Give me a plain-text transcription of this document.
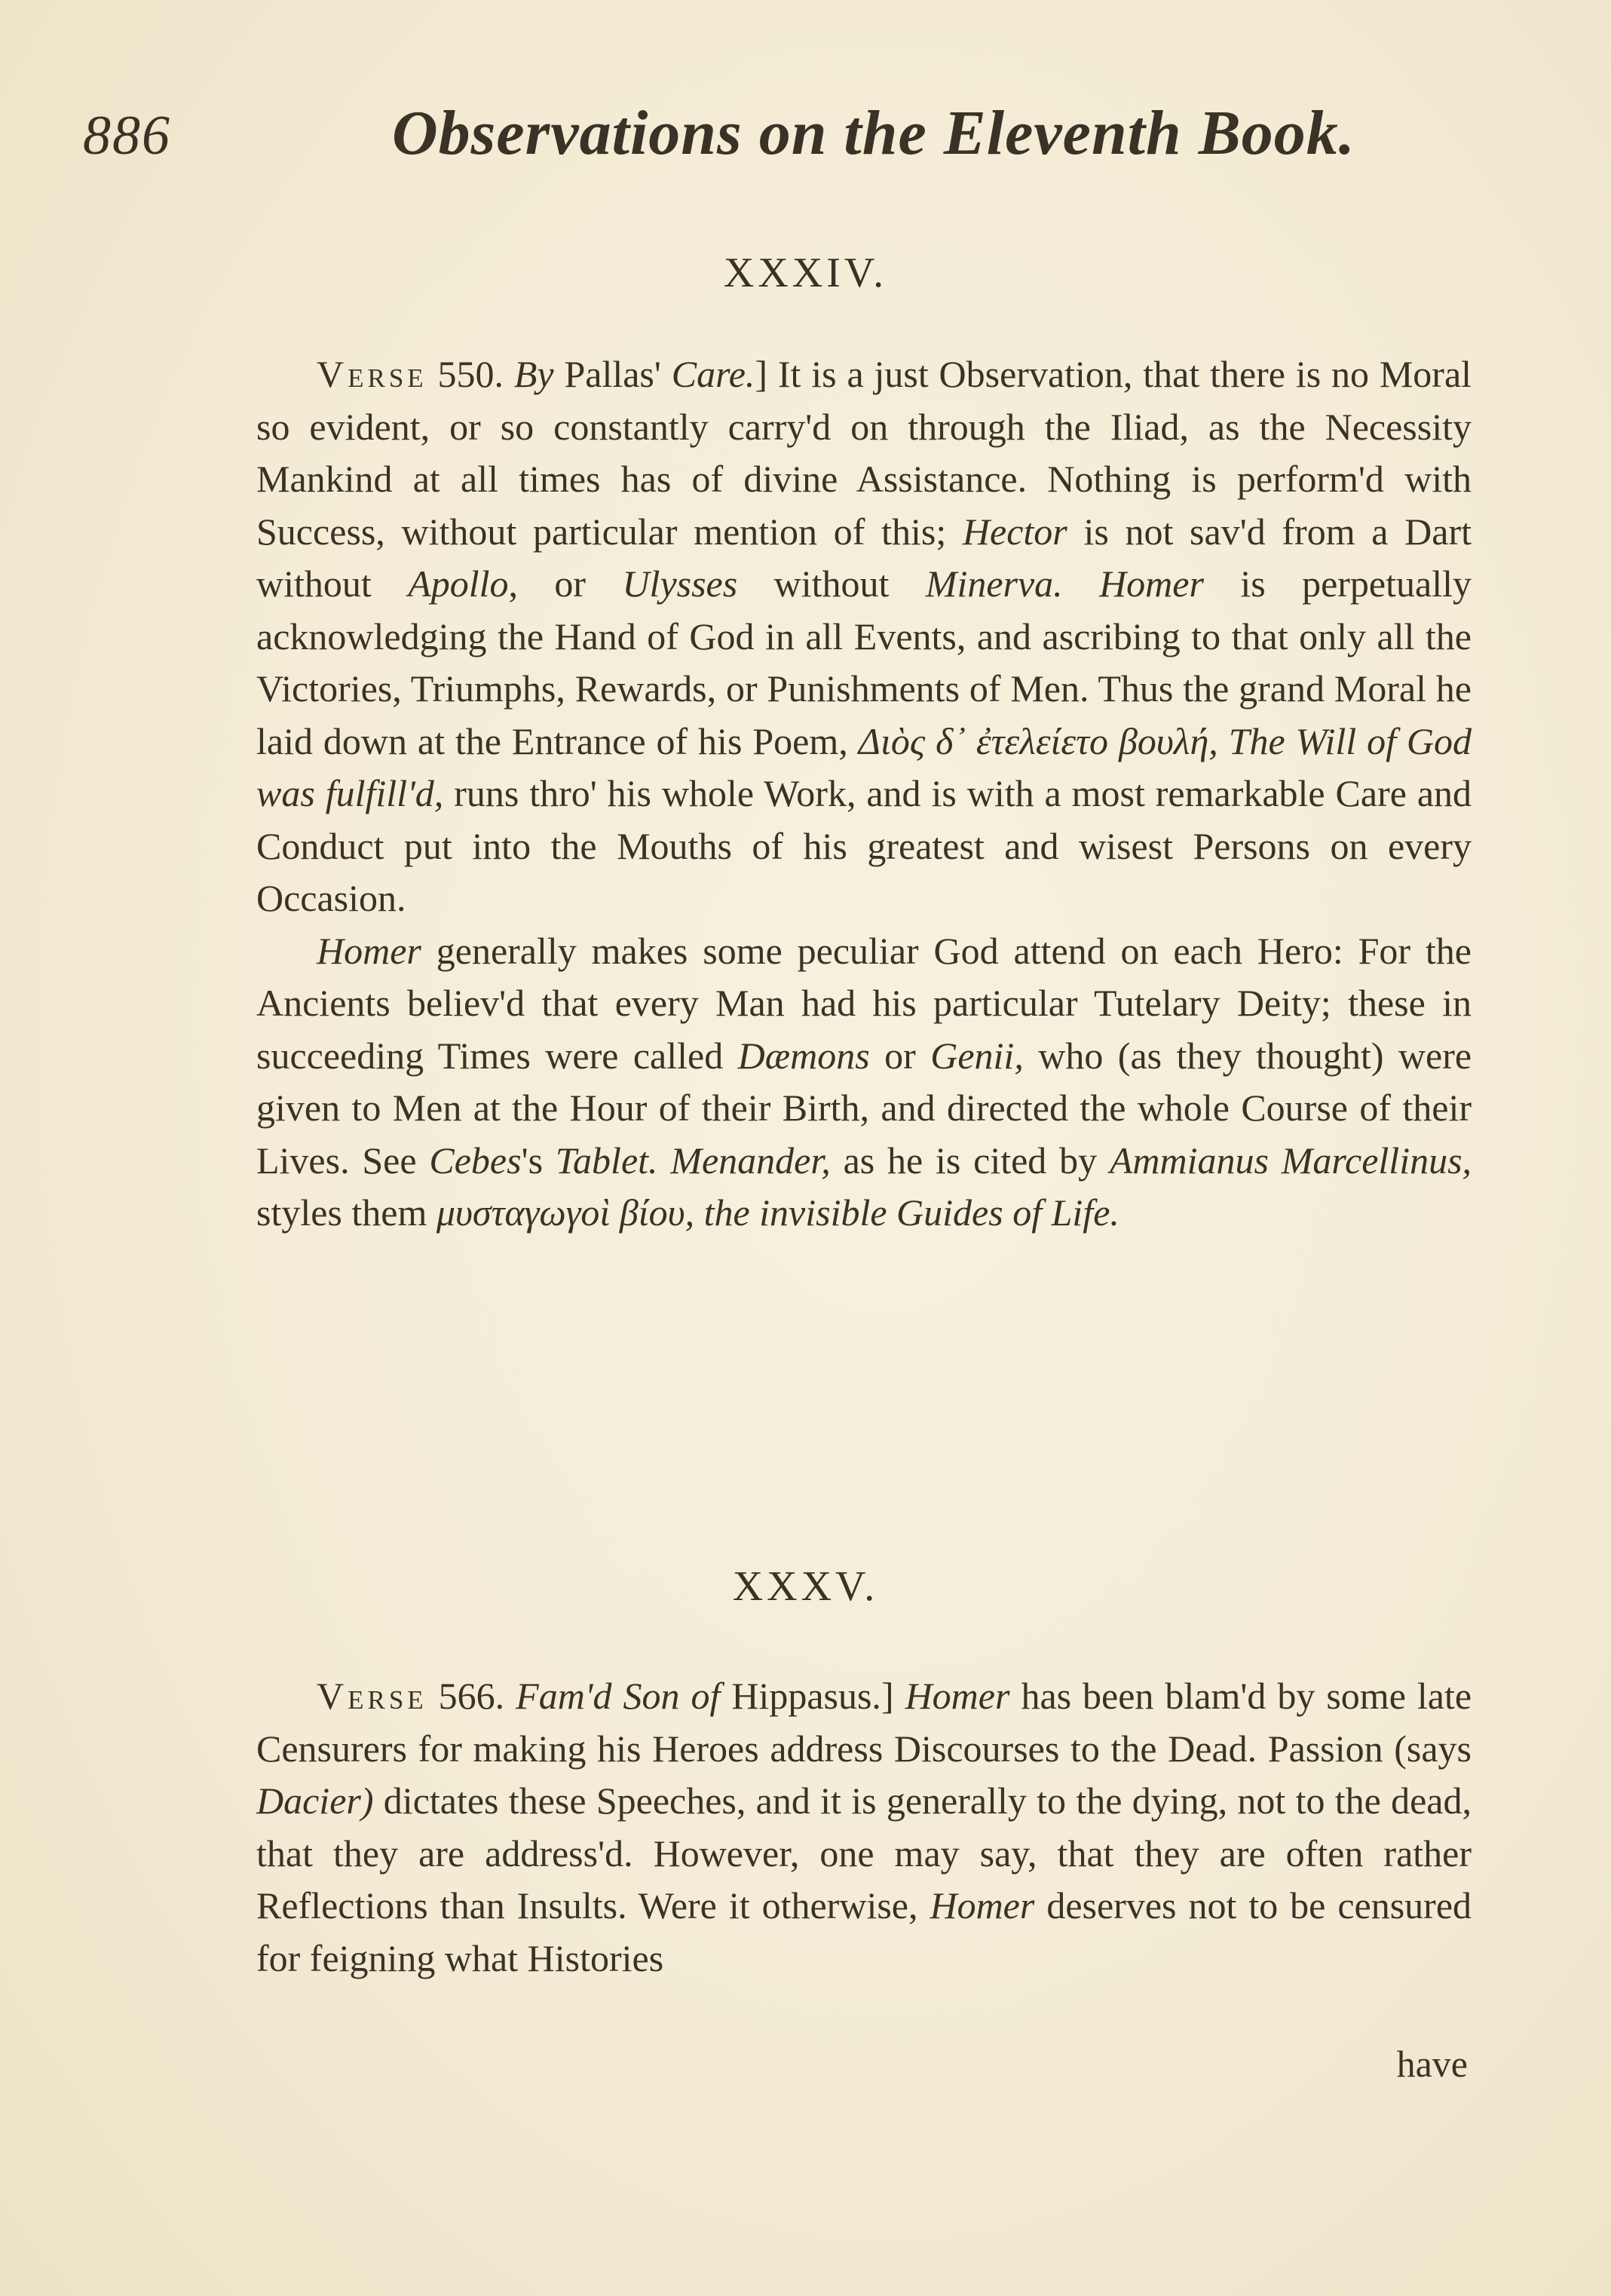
886	Observations on the Eleventh Book.
XXXIV.

Verse 550. By Pallas' Care.] It is a just Observation, that there is no Moral so evident, or so constantly carry'd on through the Iliad, as the Necessity Mankind at all times has of divine Assistance. Nothing is perform'd with Success, without particular mention of this; Hector is not sav'd from a Dart without Apollo, or Ulysses without Minerva. Homer is perpetually acknowledging the Hand of God in all Events, and ascribing to that only all the Victories, Triumphs, Rewards, or Punishments of Men. Thus the grand Moral he laid down at the Entrance of his Poem, Διὸς δ᾽ ἐτελείετο βουλή, The Will of God was fulfill'd, runs thro' his whole Work, and is with a most remarkable Care and Conduct put into the Mouths of his greatest and wisest Persons on every Occasion.

Homer generally makes some peculiar God attend on each Hero: For the Ancients believ'd that every Man had his particular Tutelary Deity; these in succeeding Times were called Dæmons or Genii, who (as they thought) were given to Men at the Hour of their Birth, and directed the whole Course of their Lives. See Cebes's Tablet. Menander, as he is cited by Ammianus Marcellinus, styles them μυσταγωγοὶ βίου, the invisible Guides of Life.

XXXV.

Verse 566. Fam'd Son of Hippasus.] Homer has been blam'd by some late Censurers for making his Heroes address Discourses to the Dead. Passion (says Dacier) dictates these Speeches, and it is generally to the dying, not to the dead, that they are address'd. However, one may say, that they are often rather Reflections than Insults. Were it otherwise, Homer deserves not to be censured for feigning what Histories

have
